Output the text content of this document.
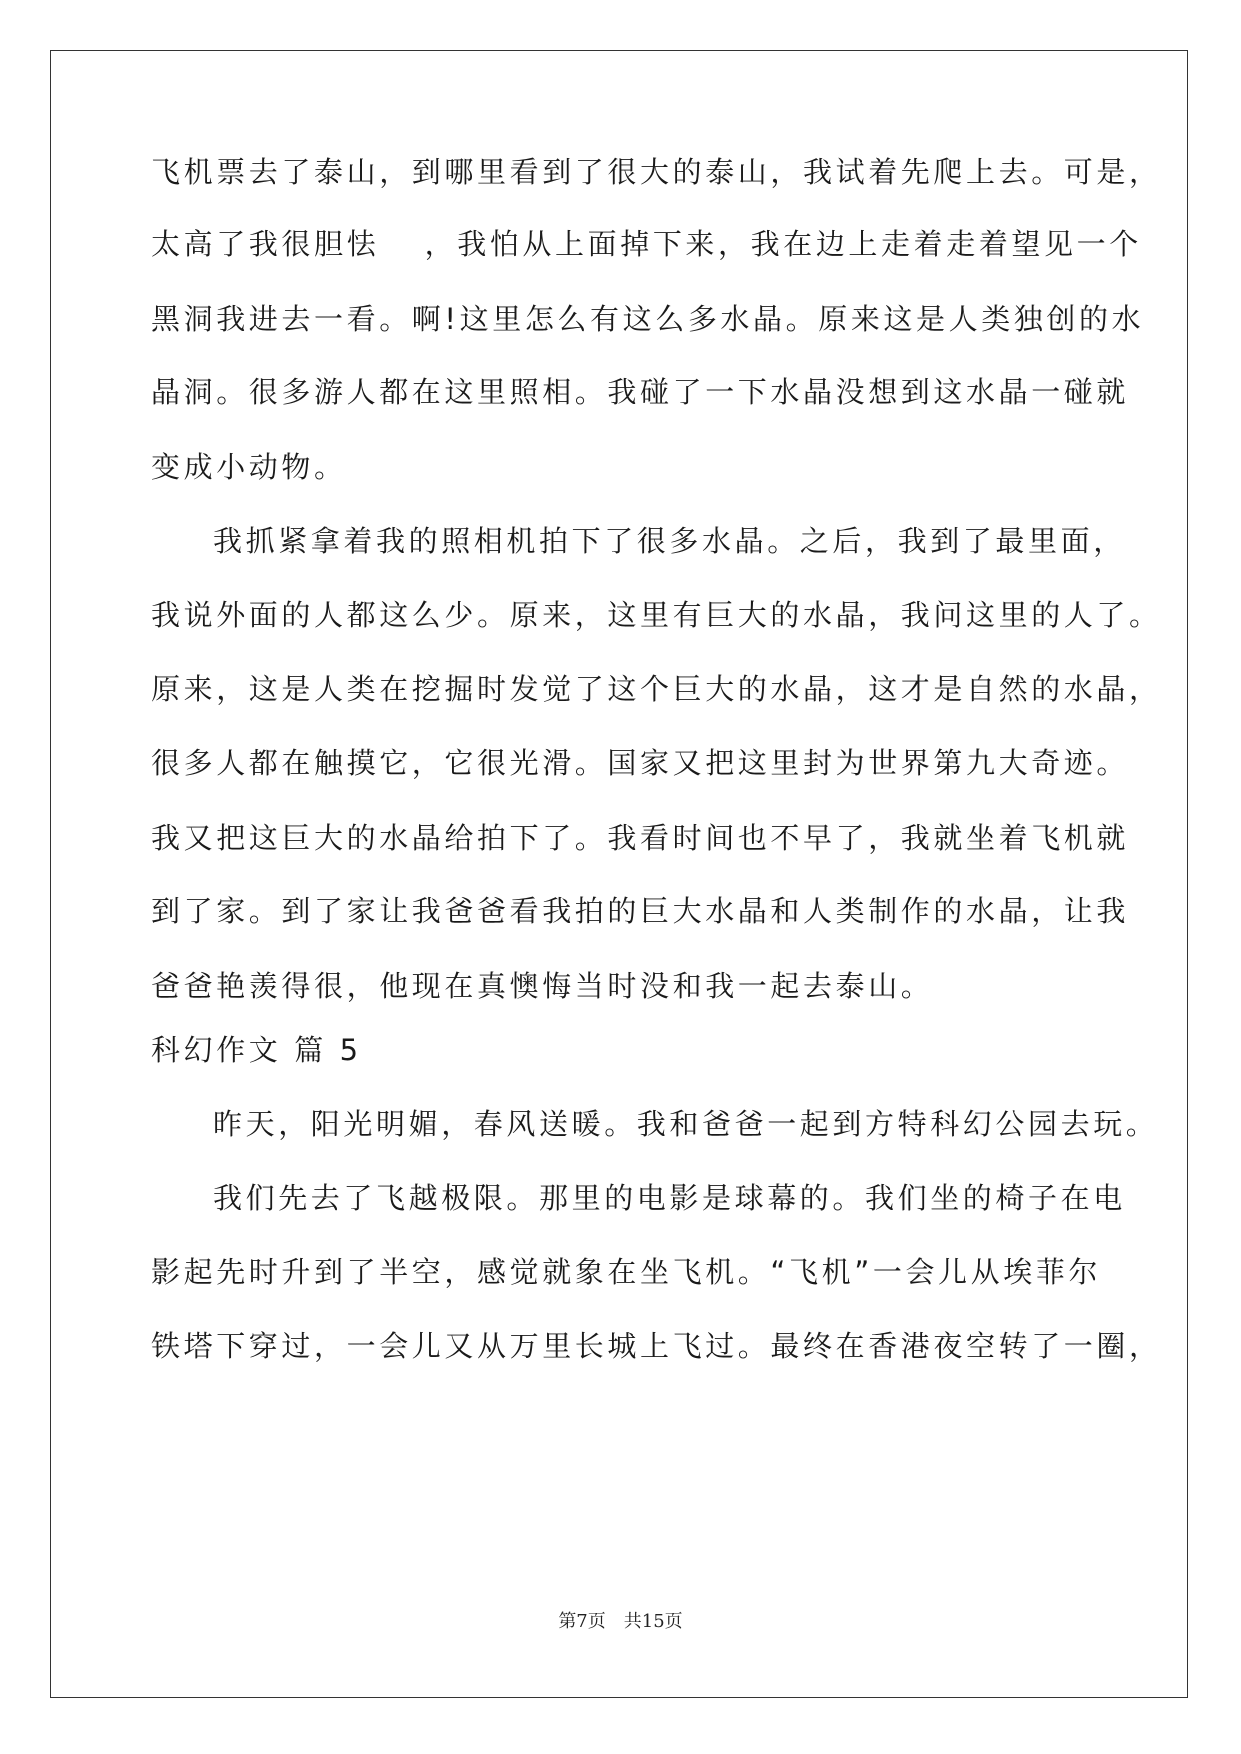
飞机票去了泰山，到哪里看到了很大的泰山，我试着先爬上去。可是，
太高了我很胆怯　 ，我怕从上面掉下来，我在边上走着走着望见一个
黑洞我进去一看。啊!这里怎么有这么多水晶。原来这是人类独创的水
晶洞。很多游人都在这里照相。我碰了一下水晶没想到这水晶一碰就
变成小动物。
我抓紧拿着我的照相机拍下了很多水晶。之后，我到了最里面，
我说外面的人都这么少。原来，这里有巨大的水晶，我问这里的人了。
原来，这是人类在挖掘时发觉了这个巨大的水晶，这才是自然的水晶，
很多人都在触摸它，它很光滑。国家又把这里封为世界第九大奇迹。
我又把这巨大的水晶给拍下了。我看时间也不早了，我就坐着飞机就
到了家。到了家让我爸爸看我拍的巨大水晶和人类制作的水晶，让我
爸爸艳羡得很，他现在真懊悔当时没和我一起去泰山。
科幻作文 篇 5
昨天，阳光明媚，春风送暖。我和爸爸一起到方特科幻公园去玩。
我们先去了飞越极限。那里的电影是球幕的。我们坐的椅子在电
影起先时升到了半空，感觉就象在坐飞机。“飞机”一会儿从埃菲尔
铁塔下穿过，一会儿又从万里长城上飞过。最终在香港夜空转了一圈，
第7页　共15页
